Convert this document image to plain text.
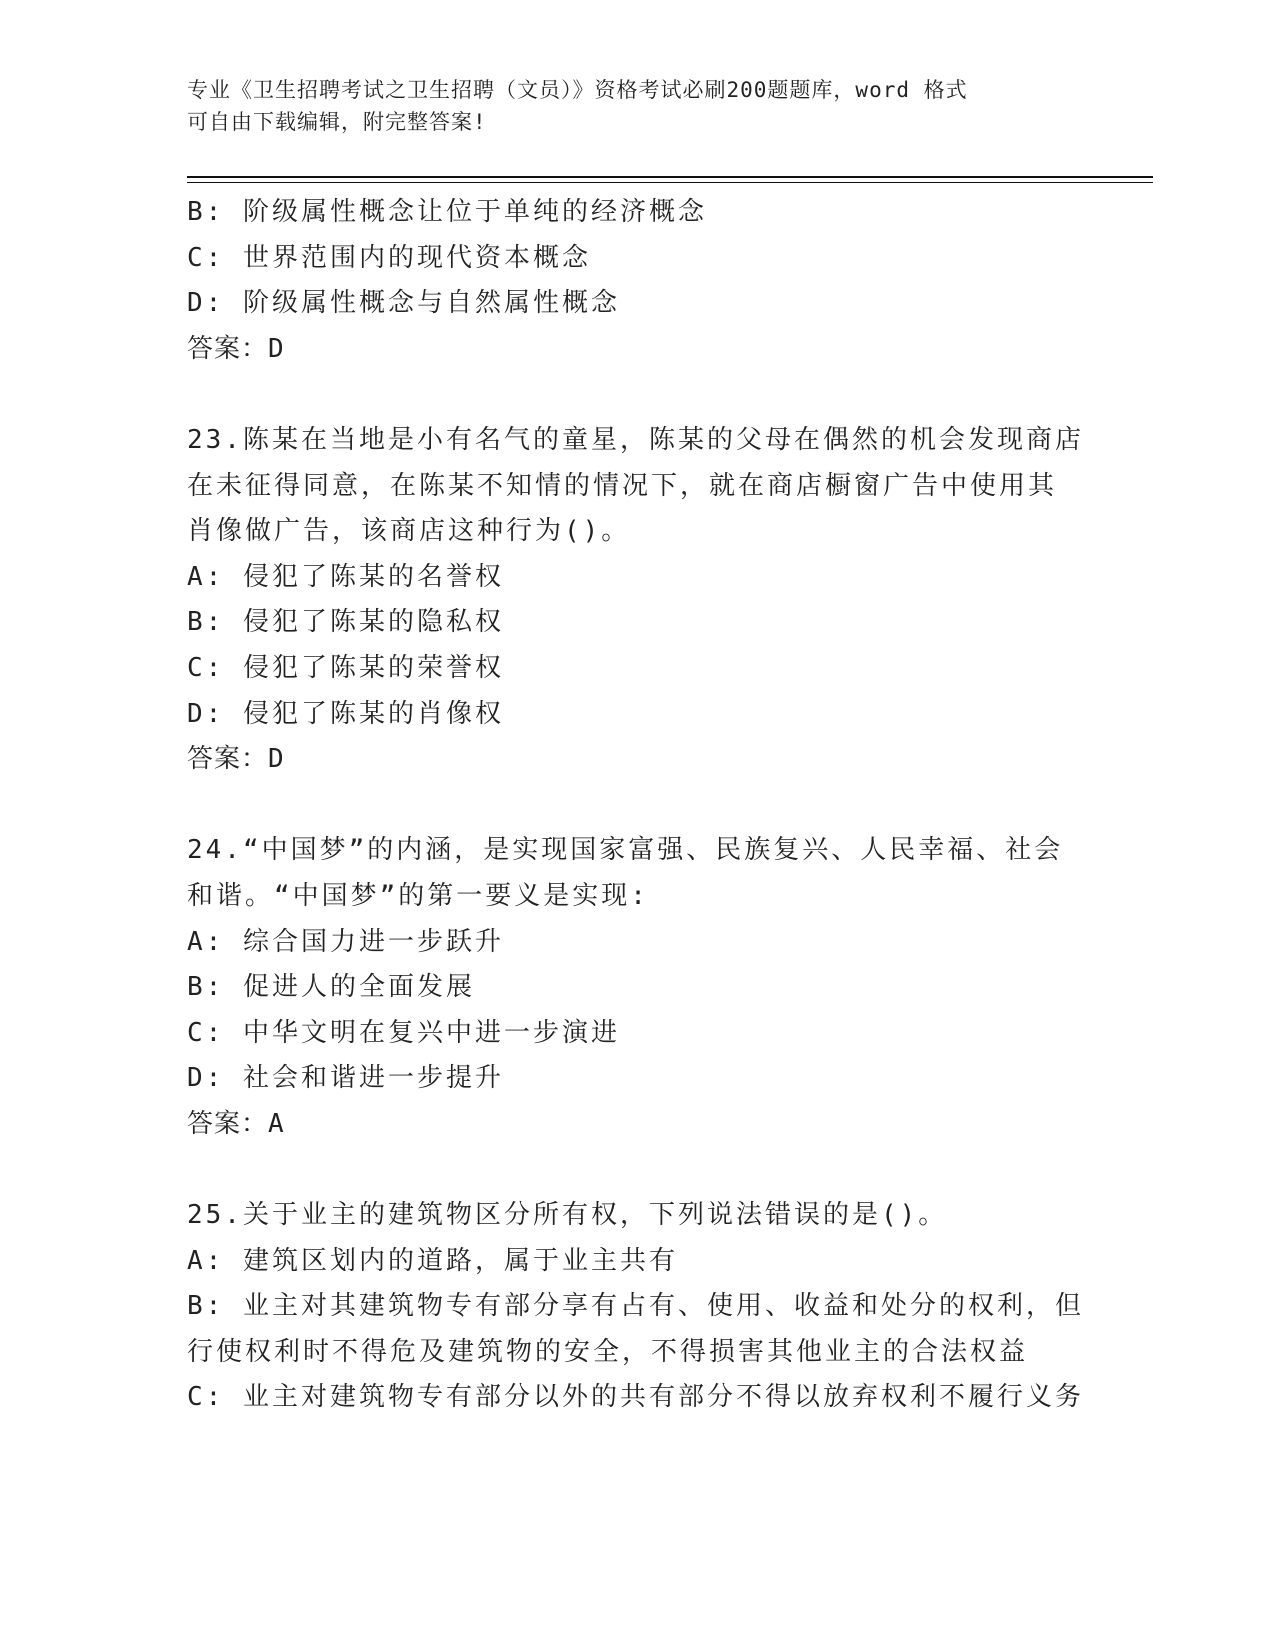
专业《卫生招聘考试之卫生招聘（文员）》资格考试必刷200题题库，word 格式
可自由下载编辑，附完整答案!
B: 阶级属性概念让位于单纯的经济概念
C: 世界范围内的现代资本概念
D: 阶级属性概念与自然属性概念
答案：D
23.陈某在当地是小有名气的童星，陈某的父母在偶然的机会发现商店
在未征得同意，在陈某不知情的情况下，就在商店橱窗广告中使用其
肖像做广告，该商店这种行为()。
A: 侵犯了陈某的名誉权
B: 侵犯了陈某的隐私权
C: 侵犯了陈某的荣誉权
D: 侵犯了陈某的肖像权
答案：D
24.“中国梦”的内涵，是实现国家富强、民族复兴、人民幸福、社会
和谐。“中国梦”的第一要义是实现:
A: 综合国力进一步跃升
B: 促进人的全面发展
C: 中华文明在复兴中进一步演进
D: 社会和谐进一步提升
答案：A
25.关于业主的建筑物区分所有权，下列说法错误的是()。
A: 建筑区划内的道路，属于业主共有
B: 业主对其建筑物专有部分享有占有、使用、收益和处分的权利，但
行使权利时不得危及建筑物的安全，不得损害其他业主的合法权益
C: 业主对建筑物专有部分以外的共有部分不得以放弃权利不履行义务
